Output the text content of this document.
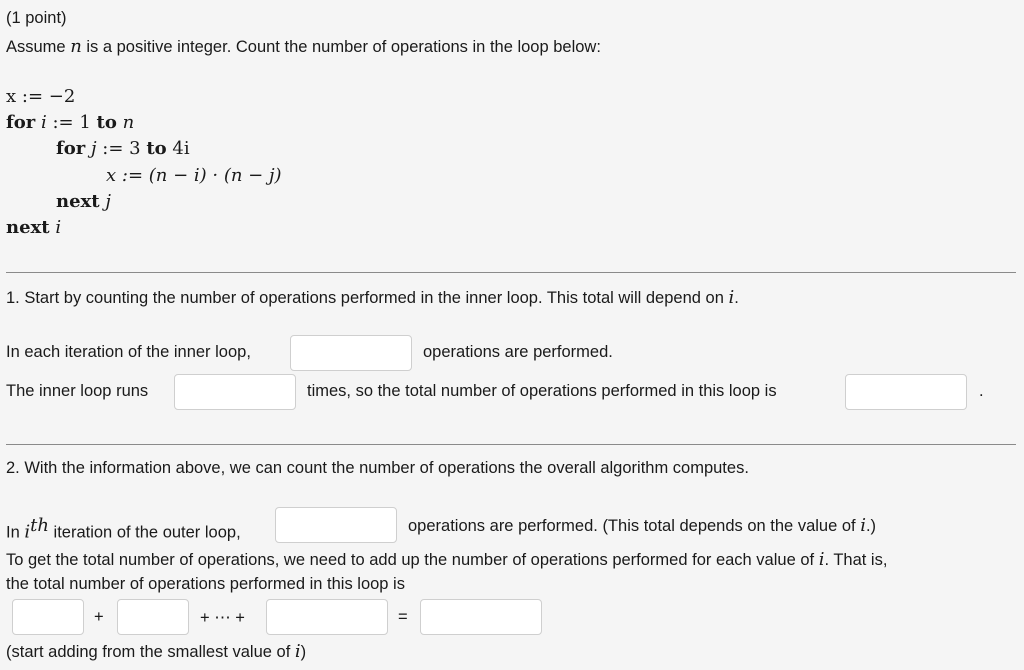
(1 point)
Assume n is a positive integer. Count the number of operations in the loop below:
x := −2
for i := 1 to n
for j := 3 to 4i
x := (n − i) · (n − j)
next j
next i
1. Start by counting the number of operations performed in the inner loop. This total will depend on i.
In each iteration of the inner loop,	operations are performed.
The inner loop runs	times, so the total number of operations performed in this loop is	.
2. With the information above, we can count the number of operations the overall algorithm computes.
In $i^{th}$ iteration of the outer loop,	operations are performed. (This total depends on the value of i.)
To get the total number of operations, we need to add up the number of operations performed for each value of i. That is,
the total number of operations performed in this loop is
+	+ ⋯ +	=
(start adding from the smallest value of i)
